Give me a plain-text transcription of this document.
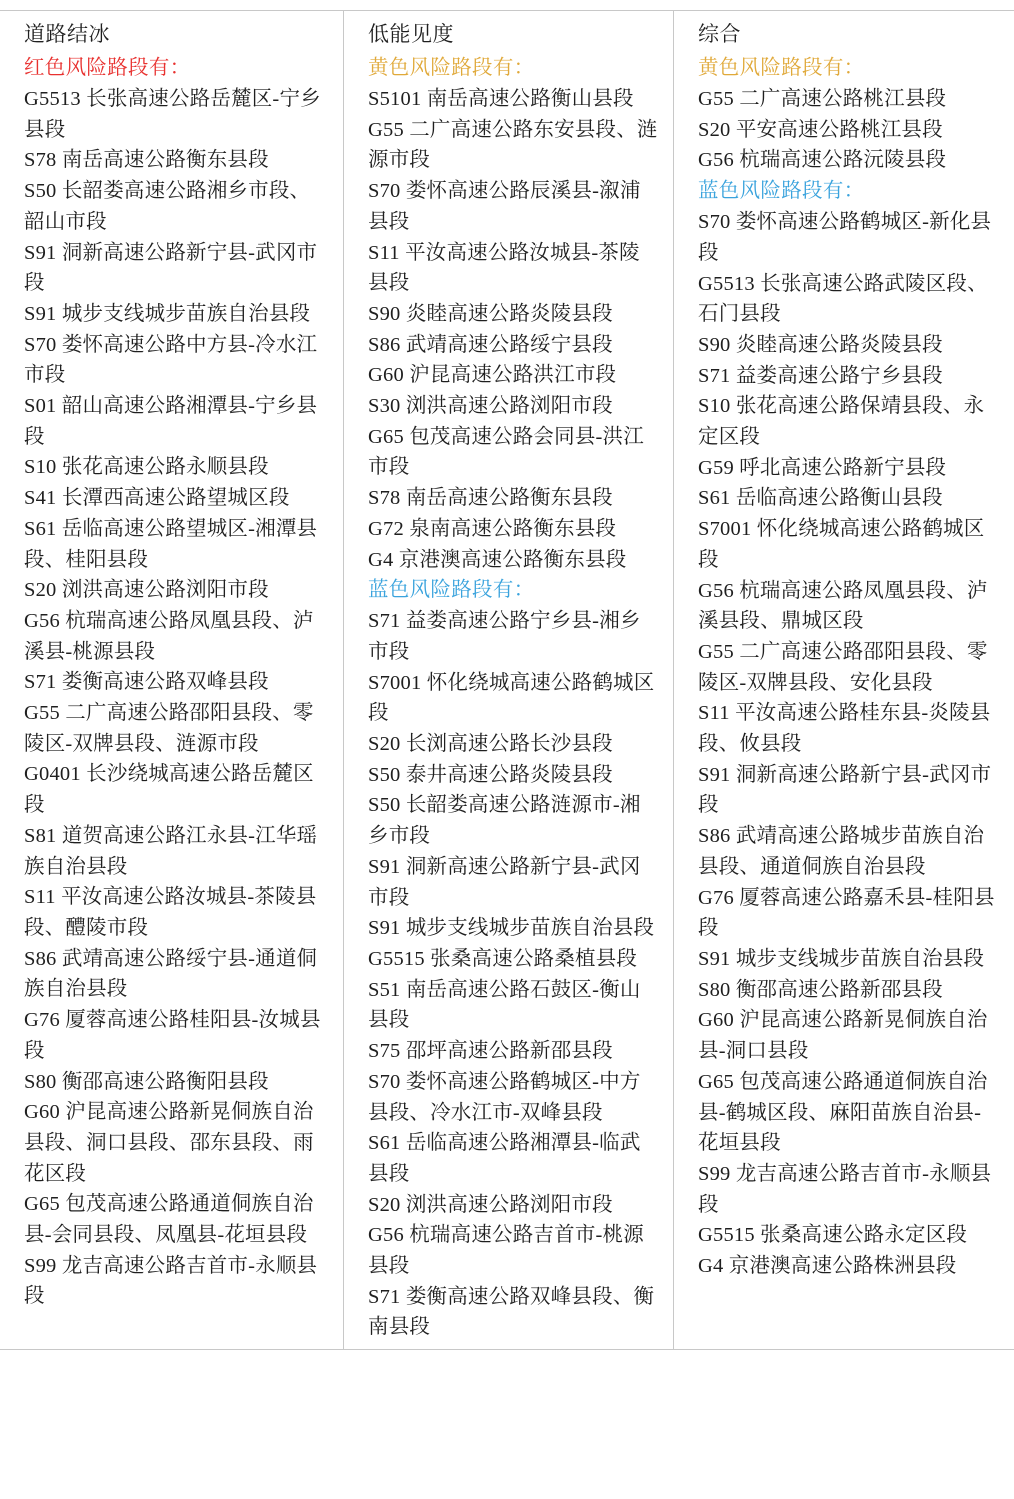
道路结冰
红色风险路段有：
G5513 长张高速公路岳麓区-宁乡县段
S78 南岳高速公路衡东县段
S50 长韶娄高速公路湘乡市段、韶山市段
S91 洞新高速公路新宁县-武冈市段
S91 城步支线城步苗族自治县段
S70 娄怀高速公路中方县-冷水江市段
S01 韶山高速公路湘潭县-宁乡县段
S10 张花高速公路永顺县段
S41 长潭西高速公路望城区段
S61 岳临高速公路望城区-湘潭县段、桂阳县段
S20 浏洪高速公路浏阳市段
G56 杭瑞高速公路凤凰县段、泸溪县-桃源县段
S71 娄衡高速公路双峰县段
G55 二广高速公路邵阳县段、零陵区-双牌县段、涟源市段
G0401 长沙绕城高速公路岳麓区段
S81 道贺高速公路江永县-江华瑶族自治县段
S11 平汝高速公路汝城县-茶陵县段、醴陵市段
S86 武靖高速公路绥宁县-通道侗族自治县段
G76 厦蓉高速公路桂阳县-汝城县段
S80 衡邵高速公路衡阳县段
G60 沪昆高速公路新晃侗族自治县段、洞口县段、邵东县段、雨花区段
G65 包茂高速公路通道侗族自治县-会同县段、凤凰县-花垣县段
S99 龙吉高速公路吉首市-永顺县段
低能见度
黄色风险路段有：
S5101 南岳高速公路衡山县段
G55 二广高速公路东安县段、涟源市段
S70 娄怀高速公路辰溪县-溆浦县段
S11 平汝高速公路汝城县-茶陵县段
S90 炎睦高速公路炎陵县段
S86 武靖高速公路绥宁县段
G60 沪昆高速公路洪江市段
S30 浏洪高速公路浏阳市段
G65 包茂高速公路会同县-洪江市段
S78 南岳高速公路衡东县段
G72 泉南高速公路衡东县段
G4 京港澳高速公路衡东县段
蓝色风险路段有：
S71 益娄高速公路宁乡县-湘乡市段
S7001 怀化绕城高速公路鹤城区段
S20 长浏高速公路长沙县段
S50 泰井高速公路炎陵县段
S50 长韶娄高速公路涟源市-湘乡市段
S91 洞新高速公路新宁县-武冈市段
S91 城步支线城步苗族自治县段
G5515 张桑高速公路桑植县段
S51 南岳高速公路石鼓区-衡山县段
S75 邵坪高速公路新邵县段
S70 娄怀高速公路鹤城区-中方县段、冷水江市-双峰县段
S61 岳临高速公路湘潭县-临武县段
S20 浏洪高速公路浏阳市段
G56 杭瑞高速公路吉首市-桃源县段
S71 娄衡高速公路双峰县段、衡南县段
综合
黄色风险路段有：
G55 二广高速公路桃江县段
S20 平安高速公路桃江县段
G56 杭瑞高速公路沅陵县段
蓝色风险路段有：
S70 娄怀高速公路鹤城区-新化县段
G5513 长张高速公路武陵区段、石门县段
S90 炎睦高速公路炎陵县段
S71 益娄高速公路宁乡县段
S10 张花高速公路保靖县段、永定区段
G59 呼北高速公路新宁县段
S61 岳临高速公路衡山县段
S7001 怀化绕城高速公路鹤城区段
G56 杭瑞高速公路凤凰县段、泸溪县段、鼎城区段
G55 二广高速公路邵阳县段、零陵区-双牌县段、安化县段
S11 平汝高速公路桂东县-炎陵县段、攸县段
S91 洞新高速公路新宁县-武冈市段
S86 武靖高速公路城步苗族自治县段、通道侗族自治县段
G76 厦蓉高速公路嘉禾县-桂阳县段
S91 城步支线城步苗族自治县段
S80 衡邵高速公路新邵县段
G60 沪昆高速公路新晃侗族自治县-洞口县段
G65 包茂高速公路通道侗族自治县-鹤城区段、麻阳苗族自治县-花垣县段
S99 龙吉高速公路吉首市-永顺县段
G5515 张桑高速公路永定区段
G4 京港澳高速公路株洲县段
